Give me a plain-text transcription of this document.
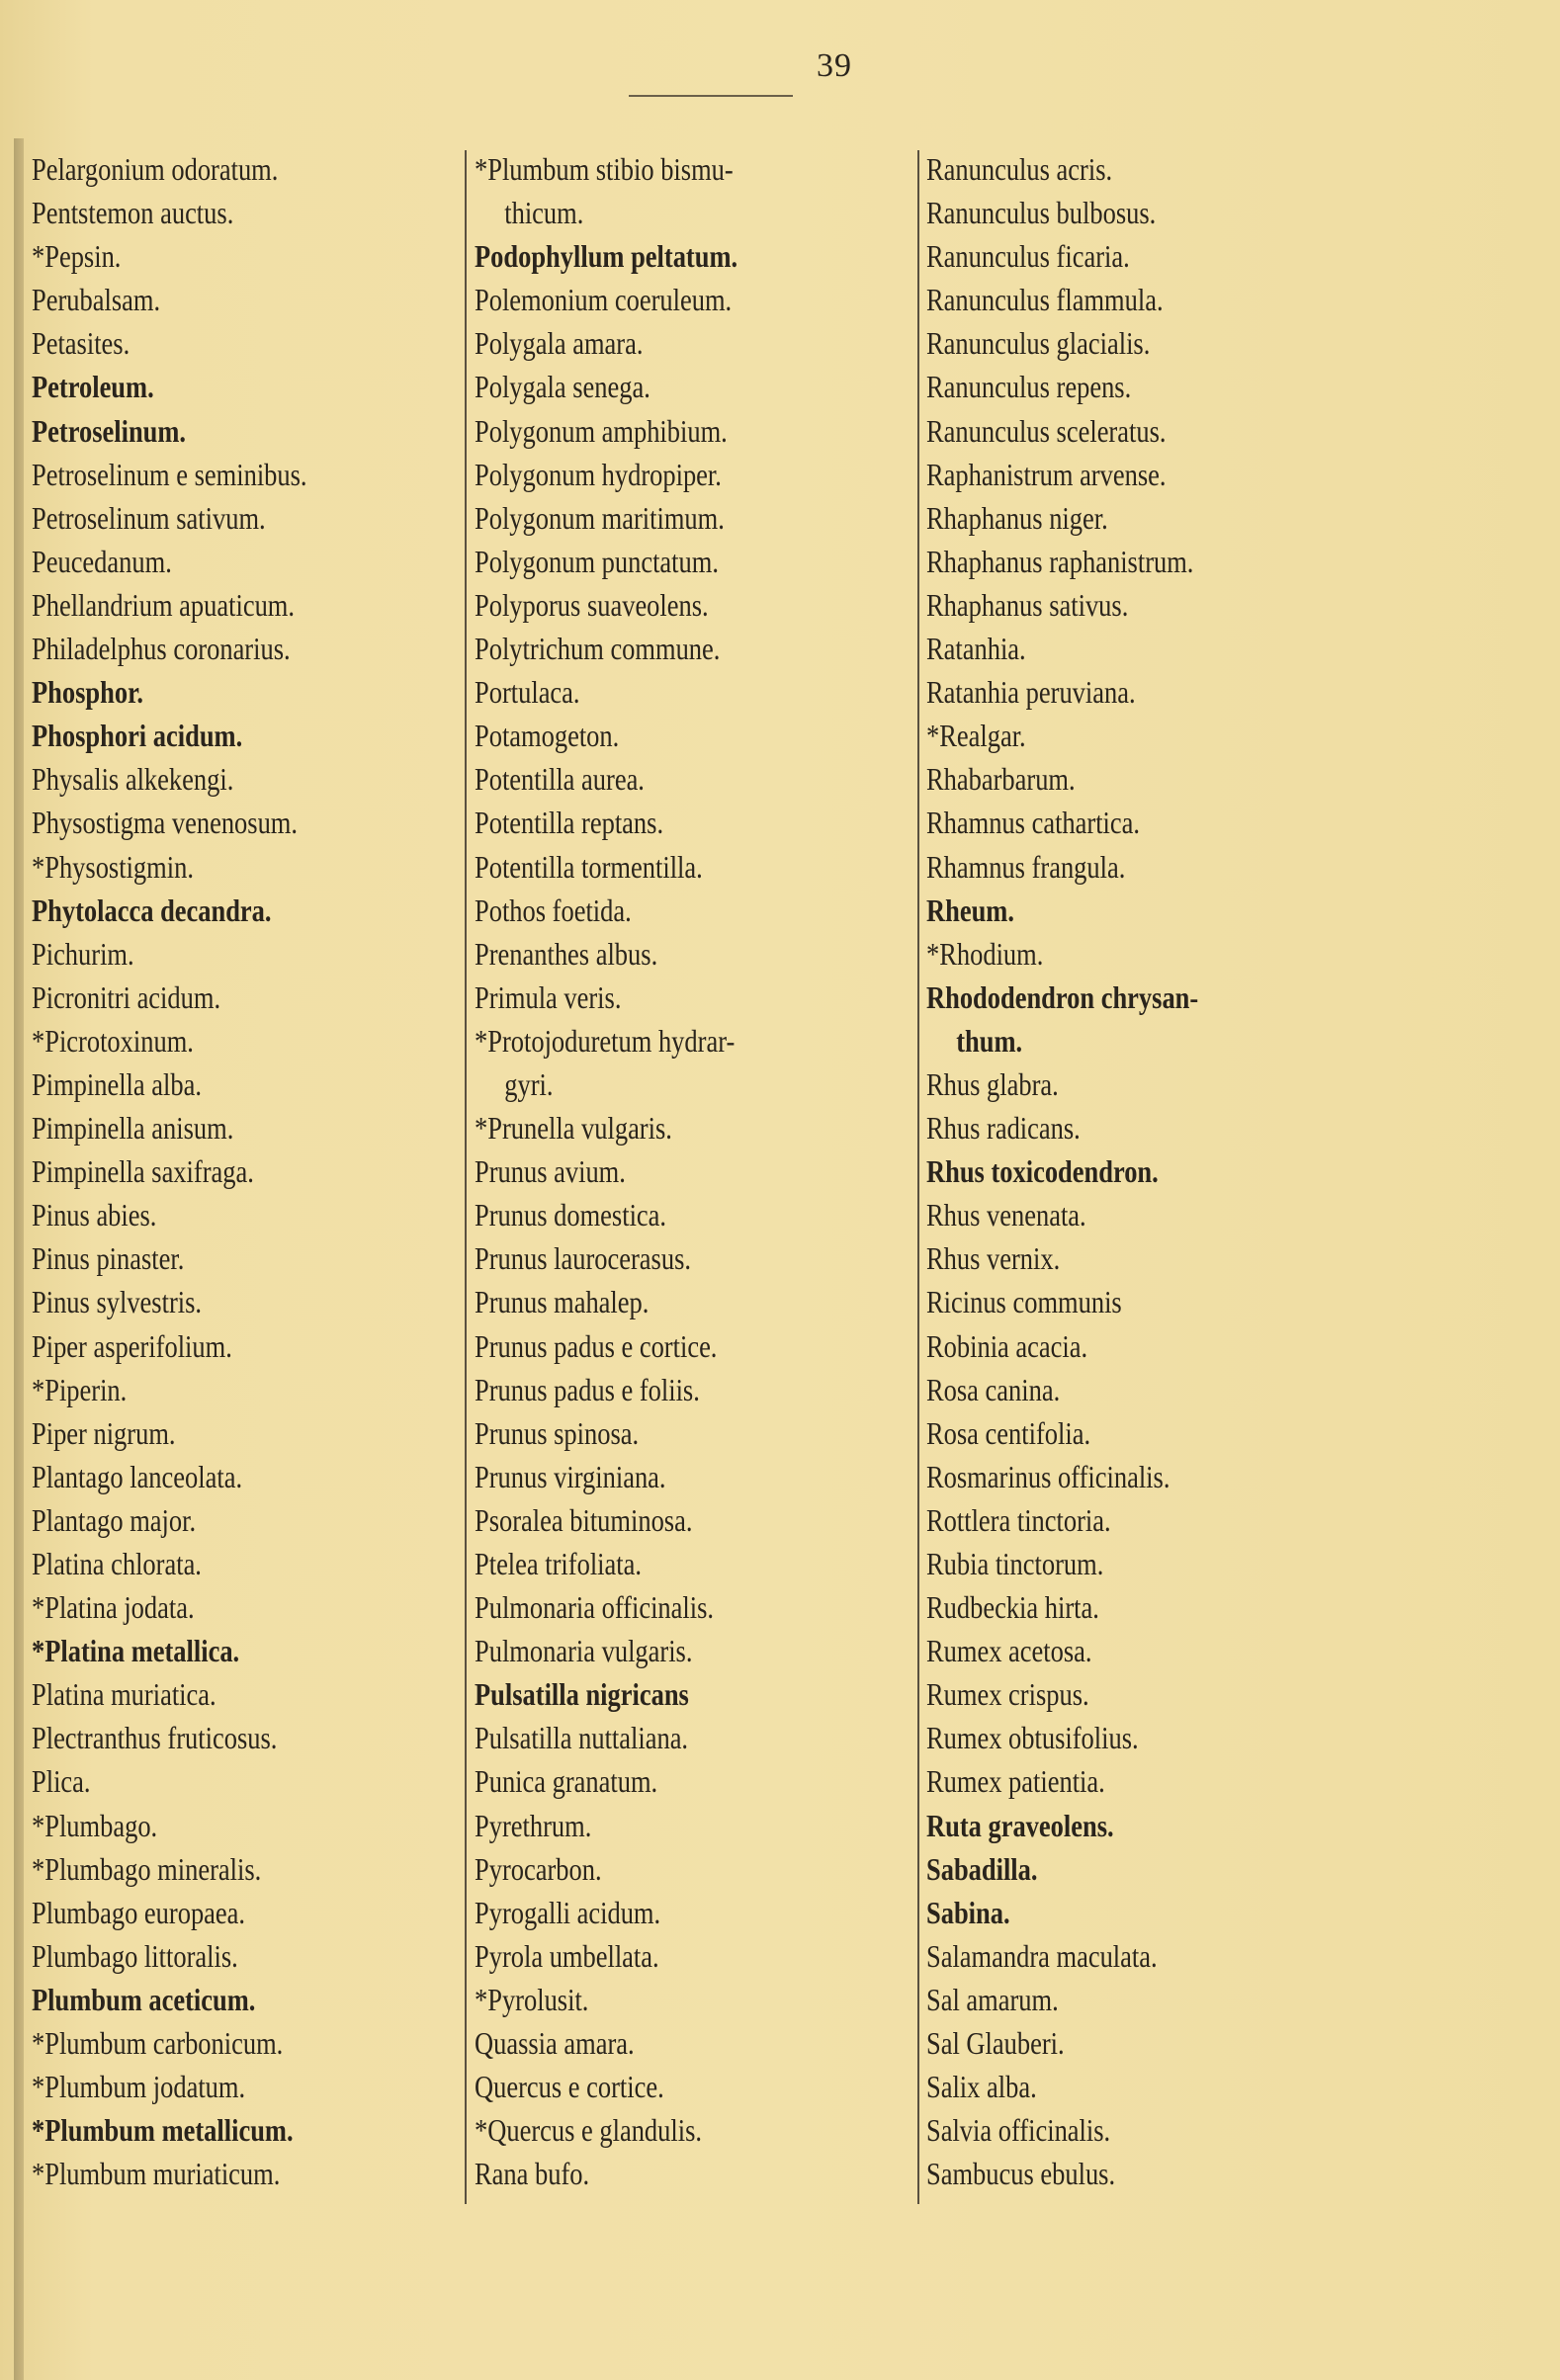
39
Pelargonium odoratum.
Pentstemon auctus.
*Pepsin.
Perubalsam.
Petasites.
Petroleum.
Petroselinum.
Petroselinum e seminibus.
Petroselinum sativum.
Peucedanum.
Phellandrium apuaticum.
Philadelphus coronarius.
Phosphor.
Phosphori acidum.
Physalis alkekengi.
Physostigma venenosum.
*Physostigmin.
Phytolacca decandra.
Pichurim.
Picronitri acidum.
*Picrotoxinum.
Pimpinella alba.
Pimpinella anisum.
Pimpinella saxifraga.
Pinus abies.
Pinus pinaster.
Pinus sylvestris.
Piper asperifolium.
*Piperin.
Piper nigrum.
Plantago lanceolata.
Plantago major.
Platina chlorata.
*Platina jodata.
*Platina metallica.
Platina muriatica.
Plectranthus fruticosus.
Plica.
*Plumbago.
*Plumbago mineralis.
Plumbago europaea.
Plumbago littoralis.
Plumbum aceticum.
*Plumbum carbonicum.
*Plumbum jodatum.
*Plumbum metallicum.
*Plumbum muriaticum.
*Plumbum stibio bismu-
thicum.
Podophyllum peltatum.
Polemonium coeruleum.
Polygala amara.
Polygala senega.
Polygonum amphibium.
Polygonum hydropiper.
Polygonum maritimum.
Polygonum punctatum.
Polyporus suaveolens.
Polytrichum commune.
Portulaca.
Potamogeton.
Potentilla aurea.
Potentilla reptans.
Potentilla tormentilla.
Pothos foetida.
Prenanthes albus.
Primula veris.
*Protojoduretum hydrar-
gyri.
*Prunella vulgaris.
Prunus avium.
Prunus domestica.
Prunus laurocerasus.
Prunus mahalep.
Prunus padus e cortice.
Prunus padus e foliis.
Prunus spinosa.
Prunus virginiana.
Psoralea bituminosa.
Ptelea trifoliata.
Pulmonaria officinalis.
Pulmonaria vulgaris.
Pulsatilla nigricans
Pulsatilla nuttaliana.
Punica granatum.
Pyrethrum.
Pyrocarbon.
Pyrogalli acidum.
Pyrola umbellata.
*Pyrolusit.
Quassia amara.
Quercus e cortice.
*Quercus e glandulis.
Rana bufo.
Ranunculus acris.
Ranunculus bulbosus.
Ranunculus ficaria.
Ranunculus flammula.
Ranunculus glacialis.
Ranunculus repens.
Ranunculus sceleratus.
Raphanistrum arvense.
Rhaphanus niger.
Rhaphanus raphanistrum.
Rhaphanus sativus.
Ratanhia.
Ratanhia peruviana.
*Realgar.
Rhabarbarum.
Rhamnus cathartica.
Rhamnus frangula.
Rheum.
*Rhodium.
Rhododendron chrysan-
thum.
Rhus glabra.
Rhus radicans.
Rhus toxicodendron.
Rhus venenata.
Rhus vernix.
Ricinus communis
Robinia acacia.
Rosa canina.
Rosa centifolia.
Rosmarinus officinalis.
Rottlera tinctoria.
Rubia tinctorum.
Rudbeckia hirta.
Rumex acetosa.
Rumex crispus.
Rumex obtusifolius.
Rumex patientia.
Ruta graveolens.
Sabadilla.
Sabina.
Salamandra maculata.
Sal amarum.
Sal Glauberi.
Salix alba.
Salvia officinalis.
Sambucus ebulus.
